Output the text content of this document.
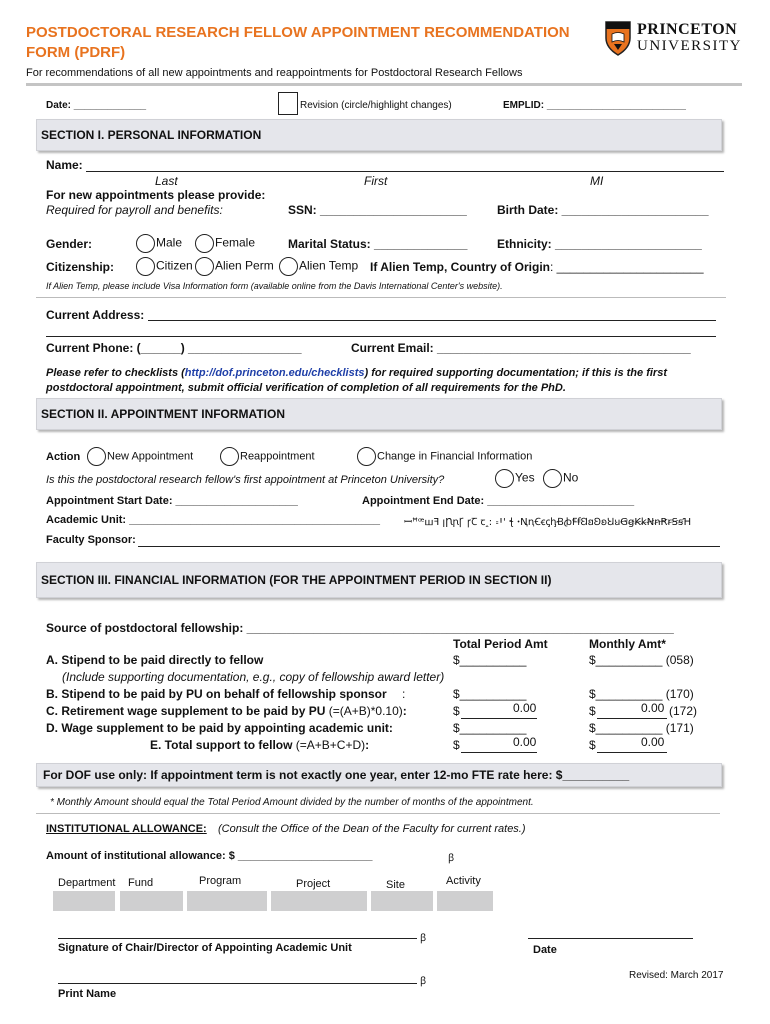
POSTDOCTORAL RESEARCH FELLOW APPOINTMENT RECOMMENDATION
FORM (PDRF)
PRINCETON
UNIVERSITY
For recommendations of all new appointments and reappointments for Postdoctoral Research Fellows
Date: _____________	Revision (circle/highlight changes)	EMPLID: _________________________
SECTION I. PERSONAL INFORMATION
Name:
Last	First	MI
For new appointments please provide:
Required for payroll and benefits:	SSN: ______________________	Birth Date: ______________________
Gender:	Male	Female	Marital Status: ______________ Ethnicity: ______________________
Citizenship:	Citizen	Alien Perm	Alien Temp If Alien Temp, Country of Origin: ______________________
If Alien Temp, please include Visa Information form (available online from the Davis International Center's website).
Current Address:
Current Phone: (______) _________________	Current Email: ______________________________________
Please refer to checklists (http://dof.princeton.edu/checklists) for required supporting documentation; if this is the first
postdoctoral appointment, submit official verification of completion of all requirements for the PhD.
SECTION II. APPOINTMENT INFORMATION
Action	New Appointment	Reappointment	Change in Financial Information
Is this the postdoctoral research fellow's first appointment at Princeton University?	Yes	No
Appointment Start Date: ____________________	Appointment End Date: ________________________
Academic Unit: _________________________________________ ꟷꟸꟹꟺꟻ ꞁꞂꞃꞄ ꞅꞆ ꞇꞈ꞉ ꞊Ꞌꞌ ꞎ ꞏꞐꞑꞒꞓꞔꞕꞖꞗꞘꞙꞚꞛꞜꞝꞞꞟꞠꞡꞢꞣꞤꞥꞦꞧꞨꞩꞪ
Faculty Sponsor:
SECTION III. FINANCIAL INFORMATION (FOR THE APPOINTMENT PERIOD IN SECTION II)
Source of postdoctoral fellowship: ________________________________________________________________
Total Period Amt	Monthly Amt*
A. Stipend to be paid directly to fellow	$__________	$__________ (058)
(Include supporting documentation, e.g., copy of fellowship award letter)
B. Stipend to be paid by PU on behalf of fellowship sponsor :	$__________	$__________ (170)
C. Retirement wage supplement to be paid by PU (=(A+B)*0.10):	$	0.00	$	0.00 (172)
D. Wage supplement to be paid by appointing academic unit:	$__________	$__________ (171)
E. Total support to fellow (=A+B+C+D):	$	0.00	$	0.00
For DOF use only: If appointment term is not exactly one year, enter 12-mo FTE rate here: $__________
* Monthly Amount should equal the Total Period Amount divided by the number of months of the appointment.
INSTITUTIONAL ALLOWANCE: (Consult the Office of the Dean of the Faculty for current rates.)
Amount of institutional allowance: $ ______________________	ꞵ
Department Fund	Program	Project	Site	Activity
ꞵ
Signature of Chair/Director of Appointing Academic Unit	Date
ꞵ
Revised: March 2017
Print Name
